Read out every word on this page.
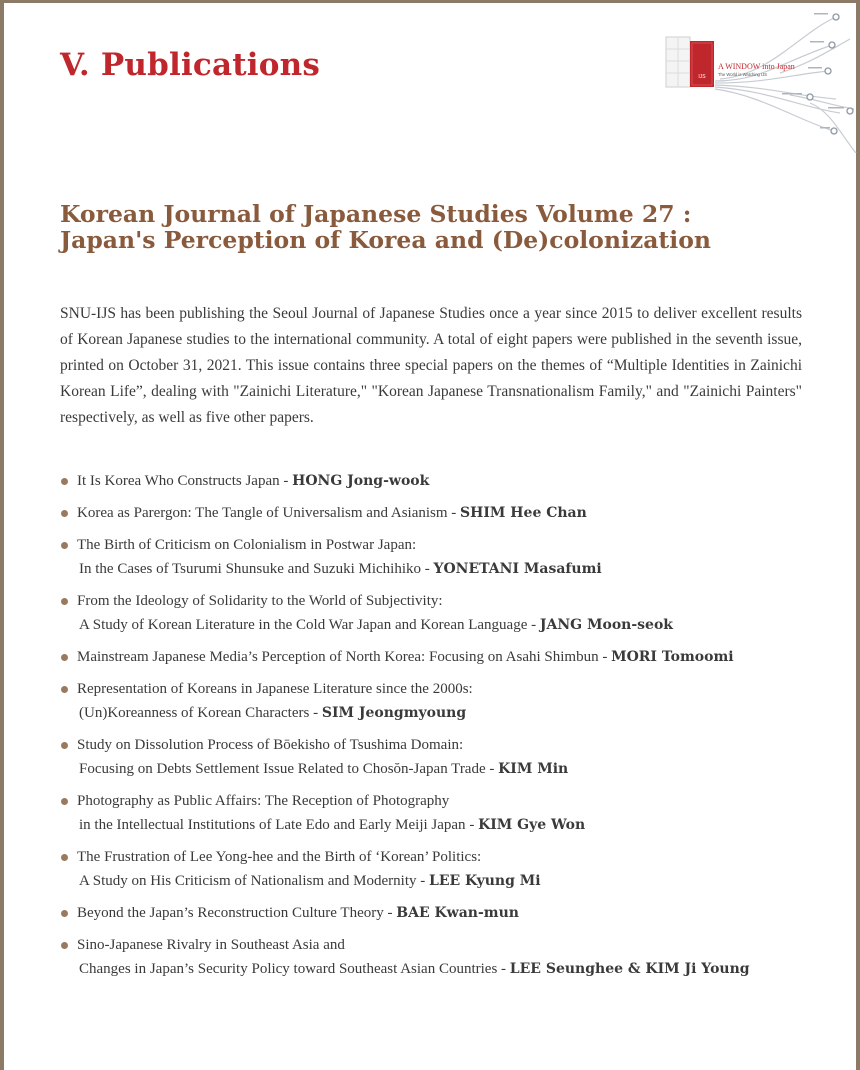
V. Publications	IJS
A WINDOW into Japan
The World is Watching IJS
Korean Journal of Japanese Studies Volume 27 :
Japan's Perception of Korea and (De)colonization

SNU-IJS has been publishing the Seoul Journal of Japanese Studies once a year since 2015 to deliver excellent results of Korean Japanese studies to the international community. A total of eight papers were published in the seventh issue, printed on October 31, 2021. This issue contains three special papers on the themes of “Multiple Identities in Zainichi Korean Life”, dealing with "Zainichi Literature," "Korean Japanese Transnationalism Family," and "Zainichi Painters" respectively, as well as five other papers.

It Is Korea Who Constructs Japan - HONG Jong-wook
Korea as Parergon: The Tangle of Universalism and Asianism - SHIM Hee Chan
The Birth of Criticism on Colonialism in Postwar Japan:
In the Cases of Tsurumi Shunsuke and Suzuki Michihiko - YONETANI Masafumi
From the Ideology of Solidarity to the World of Subjectivity:
A Study of Korean Literature in the Cold War Japan and Korean Language - JANG Moon-seok
Mainstream Japanese Media’s Perception of North Korea: Focusing on Asahi Shimbun - MORI Tomoomi
Representation of Koreans in Japanese Literature since the 2000s:
(Un)Koreanness of Korean Characters - SIM Jeongmyoung
Study on Dissolution Process of Bōekisho of Tsushima Domain:
Focusing on Debts Settlement Issue Related to Chosŏn-Japan Trade - KIM Min
Photography as Public Affairs: The Reception of Photography
in the Intellectual Institutions of Late Edo and Early Meiji Japan - KIM Gye Won
The Frustration of Lee Yong-hee and the Birth of ‘Korean’ Politics:
A Study on His Criticism of Nationalism and Modernity - LEE Kyung Mi
Beyond the Japan’s Reconstruction Culture Theory - BAE Kwan-mun
Sino-Japanese Rivalry in Southeast Asia and
Changes in Japan’s Security Policy toward Southeast Asian Countries - LEE Seunghee & KIM Ji Young
